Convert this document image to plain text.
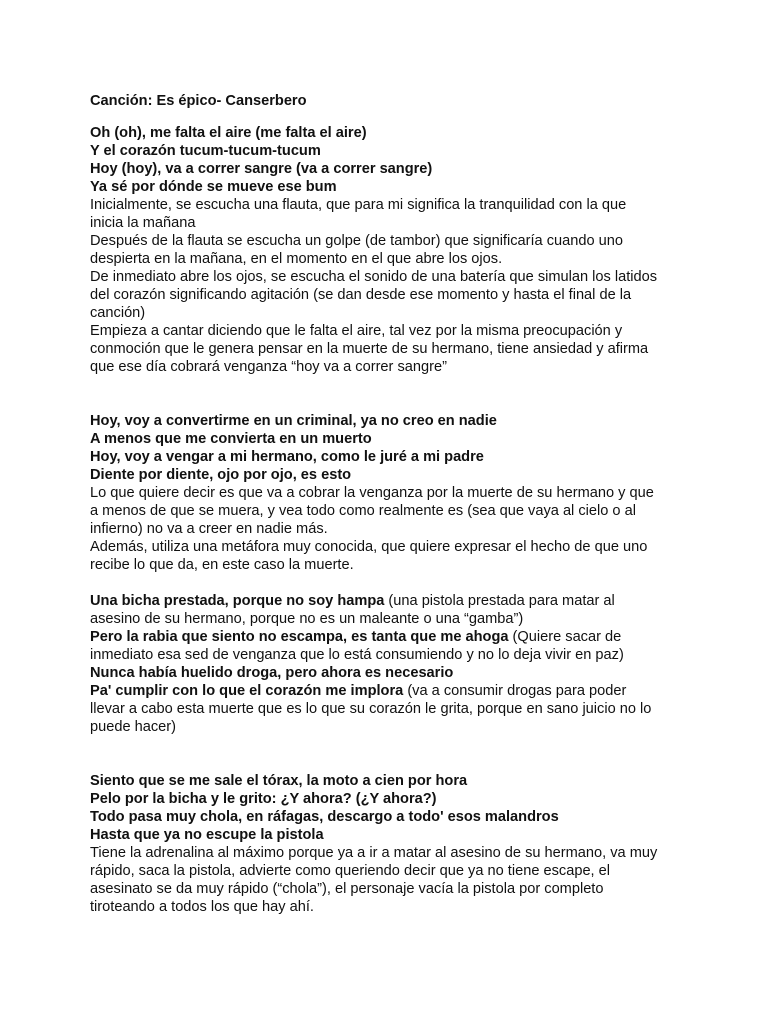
Canción: Es épico- Canserbero
Oh (oh), me falta el aire (me falta el aire)
Y el corazón tucum-tucum-tucum
Hoy (hoy), va a correr sangre (va a correr sangre)
Ya sé por dónde se mueve ese bum
Inicialmente, se escucha una flauta, que para mi significa la tranquilidad con la que
inicia la mañana
Después de la flauta se escucha un golpe (de tambor) que significaría cuando uno
despierta en la mañana, en el momento en el que abre los ojos.
De inmediato abre los ojos, se escucha el sonido de una batería que simulan los latidos
del corazón significando agitación (se dan desde ese momento y hasta el final de la
canción)
Empieza a cantar diciendo que le falta el aire, tal vez por la misma preocupación y
conmoción que le genera pensar en la muerte de su hermano, tiene ansiedad y afirma
que ese día cobrará venganza “hoy va a correr sangre”
Hoy, voy a convertirme en un criminal, ya no creo en nadie
A menos que me convierta en un muerto
Hoy, voy a vengar a mi hermano, como le juré a mi padre
Diente por diente, ojo por ojo, es esto
Lo que quiere decir es que va a cobrar la venganza por la muerte de su hermano y que
a menos de que se muera, y vea todo como realmente es (sea que vaya al cielo o al
infierno) no va a creer en nadie más.
Además, utiliza una metáfora muy conocida, que quiere expresar el hecho de que uno
recibe lo que da, en este caso la muerte.
Una bicha prestada, porque no soy hampa (una pistola prestada para matar al
asesino de su hermano, porque no es un maleante o una “gamba”)
Pero la rabia que siento no escampa, es tanta que me ahoga (Quiere sacar de
inmediato esa sed de venganza que lo está consumiendo y no lo deja vivir en paz)
Nunca había huelido droga, pero ahora es necesario
Pa' cumplir con lo que el corazón me implora (va a consumir drogas para poder
llevar a cabo esta muerte que es lo que su corazón le grita, porque en sano juicio no lo
puede hacer)
Siento que se me sale el tórax, la moto a cien por hora
Pelo por la bicha y le grito: ¿Y ahora? (¿Y ahora?)
Todo pasa muy chola, en ráfagas, descargo a todo' esos malandros
Hasta que ya no escupe la pistola
Tiene la adrenalina al máximo porque ya a ir a matar al asesino de su hermano, va muy
rápido, saca la pistola, advierte como queriendo decir que ya no tiene escape, el
asesinato se da muy rápido (“chola”), el personaje vacía la pistola por completo
tiroteando a todos los que hay ahí.
